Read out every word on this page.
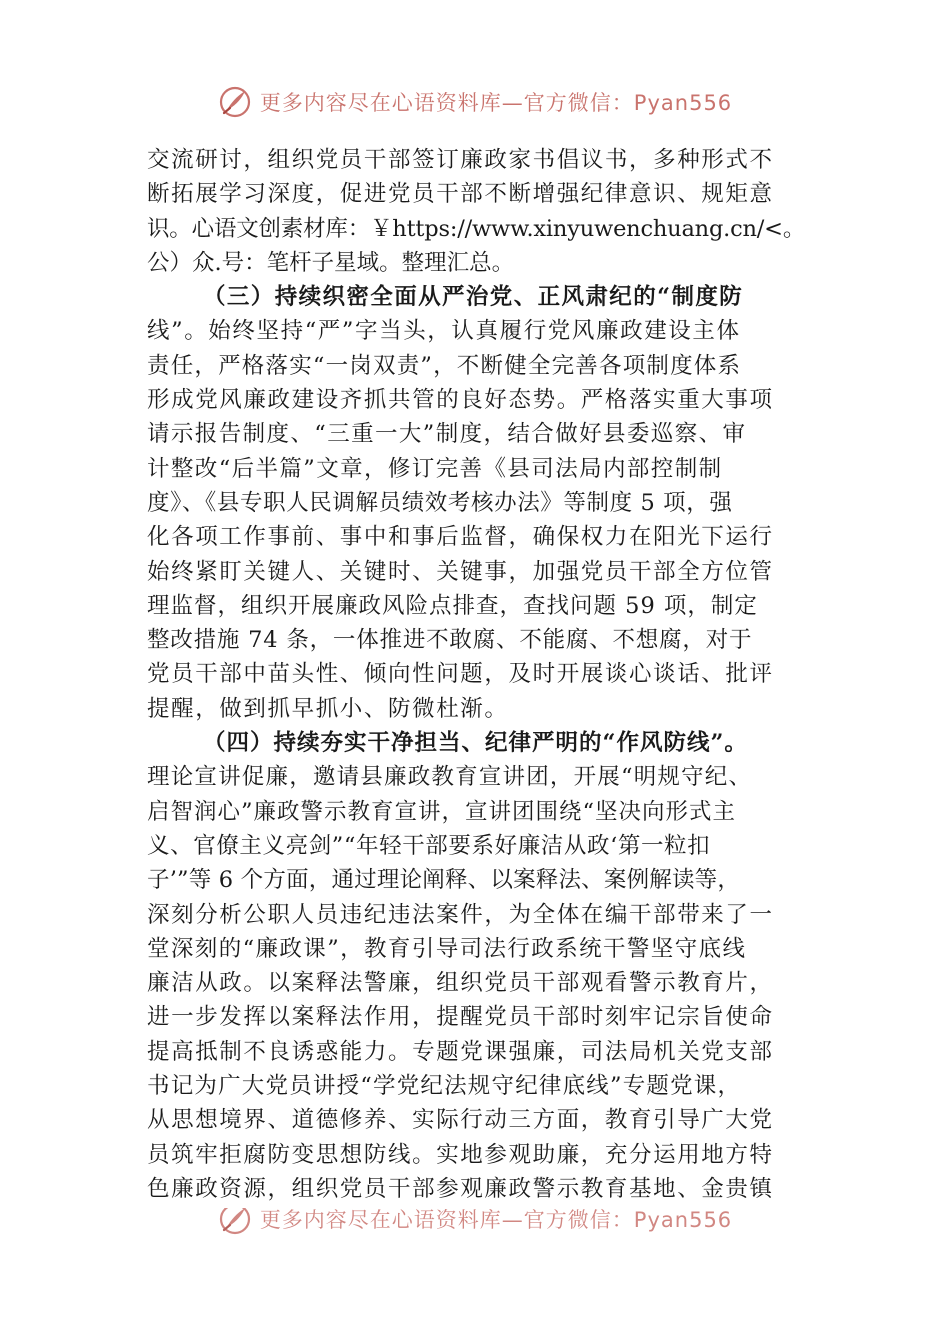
更多内容尽在心语资料库—官方微信：Pyan556
交流研讨，组织党员干部签订廉政家书倡议书，多种形式不
断拓展学习深度，促进党员干部不断增强纪律意识、规矩意
识。心语文创素材库：￥https://www.xinyuwenchuang.cn/<。
公）众.号：笔杆子星域。整理汇总。
（三）持续织密全面从严治党、正风肃纪的“制度防
线”。始终坚持“严”字当头，认真履行党风廉政建设主体
责任，严格落实“一岗双责”，不断健全完善各项制度体系
形成党风廉政建设齐抓共管的良好态势。严格落实重大事项
请示报告制度、“三重一大”制度，结合做好县委巡察、审
计整改“后半篇”文章，修订完善《县司法局内部控制制
度》、《县专职人民调解员绩效考核办法》等制度 5 项，强
化各项工作事前、事中和事后监督，确保权力在阳光下运行
始终紧盯关键人、关键时、关键事，加强党员干部全方位管
理监督，组织开展廉政风险点排查，查找问题 59 项，制定
整改措施 74 条，一体推进不敢腐、不能腐、不想腐，对于
党员干部中苗头性、倾向性问题，及时开展谈心谈话、批评
提醒，做到抓早抓小、防微杜渐。
（四）持续夯实干净担当、纪律严明的“作风防线”。
理论宣讲促廉，邀请县廉政教育宣讲团，开展“明规守纪、
启智润心”廉政警示教育宣讲，宣讲团围绕“坚决向形式主
义、官僚主义亮剑”“年轻干部要系好廉洁从政‘第一粒扣
子’”等 6 个方面，通过理论阐释、以案释法、案例解读等，
深刻分析公职人员违纪违法案件，为全体在编干部带来了一
堂深刻的“廉政课”，教育引导司法行政系统干警坚守底线
廉洁从政。以案释法警廉，组织党员干部观看警示教育片，
进一步发挥以案释法作用，提醒党员干部时刻牢记宗旨使命
提高抵制不良诱惑能力。专题党课强廉，司法局机关党支部
书记为广大党员讲授“学党纪法规守纪律底线”专题党课，
从思想境界、道德修养、实际行动三方面，教育引导广大党
员筑牢拒腐防变思想防线。实地参观助廉，充分运用地方特
色廉政资源，组织党员干部参观廉政警示教育基地、金贵镇
更多内容尽在心语资料库—官方微信：Pyan556
